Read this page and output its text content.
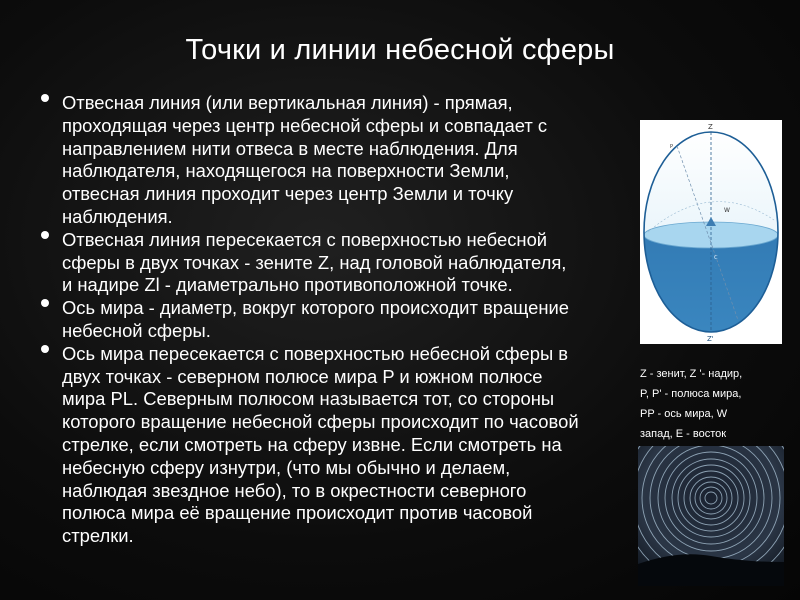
Точки и линии небесной сферы
Отвесная линия (или вертикальная линия) - прямая,
проходящая через центр небесной сферы и совпадает с
направлением нити отвеса в месте наблюдения. Для
наблюдателя, находящегося на поверхности Земли,
отвесная линия проходит через центр Земли и точку
наблюдения.
Отвесная линия пересекается с поверхностью небесной
сферы в двух точках - зените Z, над головой наблюдателя,
и надире Zl - диаметрально противоположной точке.
Ось мира - диаметр, вокруг которого происходит вращение
небесной сферы.
Ось мира пересекается с поверхностью небесной сферы в
двух точках - северном полюсе мира P и южном полюсе
мира PL. Северным полюсом называется тот, со стороны
которого вращение небесной сферы происходит по часовой
стрелке, если смотреть на сферу извне. Если смотреть на
небесную сферу изнутри, (что мы обычно и делаем,
наблюдая звездное небо), то в окрестности северного
полюса мира её вращение происходит против часовой
стрелки.
Z
Z'
W
P
C
Z - зенит, Z '- надир,
P, P' - полюса мира,
PP - ось мира, W
запад, Е - восток
